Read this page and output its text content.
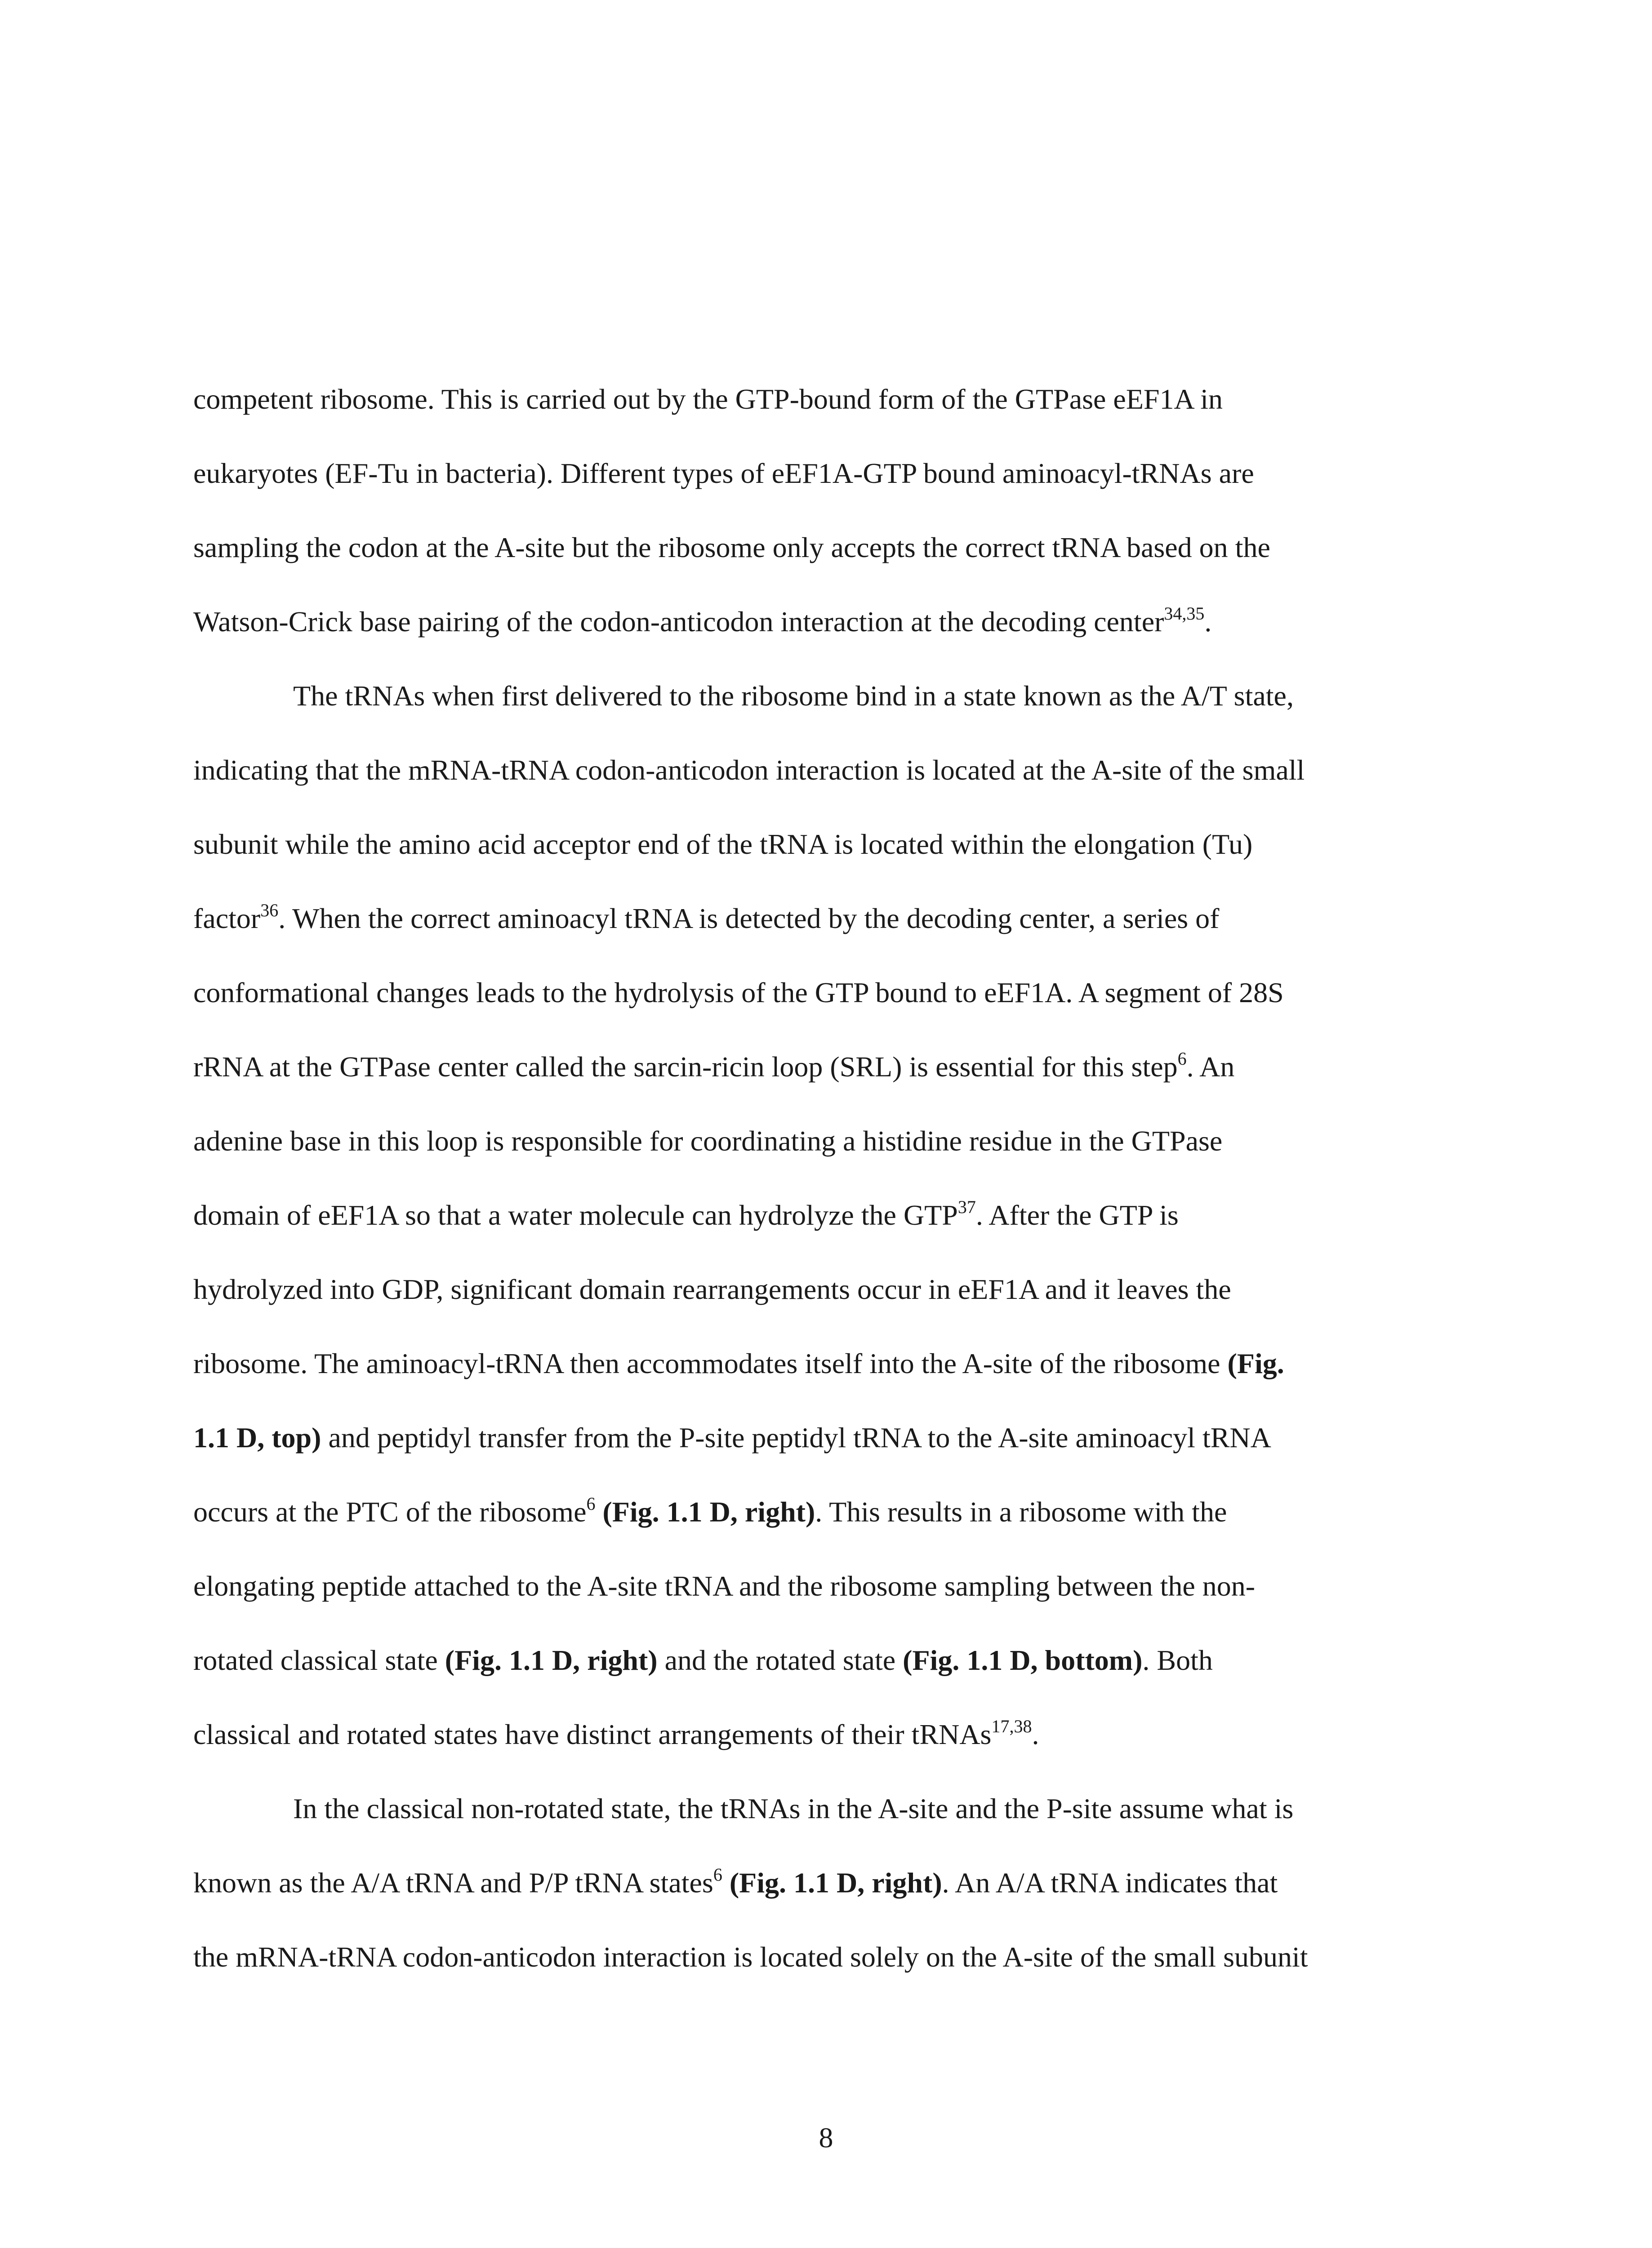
competent ribosome. This is carried out by the GTP-bound form of the GTPase eEF1A in
eukaryotes (EF-Tu in bacteria). Different types of eEF1A-GTP bound aminoacyl-tRNAs are
sampling the codon at the A-site but the ribosome only accepts the correct tRNA based on the
Watson-Crick base pairing of the codon-anticodon interaction at the decoding center$^{34,35}$.
The tRNAs when first delivered to the ribosome bind in a state known as the A/T state,
indicating that the mRNA-tRNA codon-anticodon interaction is located at the A-site of the small
subunit while the amino acid acceptor end of the tRNA is located within the elongation (Tu)
factor$^{36}$. When the correct aminoacyl tRNA is detected by the decoding center, a series of
conformational changes leads to the hydrolysis of the GTP bound to eEF1A. A segment of 28S
rRNA at the GTPase center called the sarcin-ricin loop (SRL) is essential for this step$^6$. An
adenine base in this loop is responsible for coordinating a histidine residue in the GTPase
domain of eEF1A so that a water molecule can hydrolyze the GTP$^{37}$. After the GTP is
hydrolyzed into GDP, significant domain rearrangements occur in eEF1A and it leaves the
ribosome. The aminoacyl-tRNA then accommodates itself into the A-site of the ribosome (Fig.
1.1 D, top) and peptidyl transfer from the P-site peptidyl tRNA to the A-site aminoacyl tRNA
occurs at the PTC of the ribosome$^6$ (Fig. 1.1 D, right). This results in a ribosome with the
elongating peptide attached to the A-site tRNA and the ribosome sampling between the non-
rotated classical state (Fig. 1.1 D, right) and the rotated state (Fig. 1.1 D, bottom). Both
classical and rotated states have distinct arrangements of their tRNAs$^{17,38}$.
In the classical non-rotated state, the tRNAs in the A-site and the P-site assume what is
known as the A/A tRNA and P/P tRNA states$^6$ (Fig. 1.1 D, right). An A/A tRNA indicates that
the mRNA-tRNA codon-anticodon interaction is located solely on the A-site of the small subunit
8
